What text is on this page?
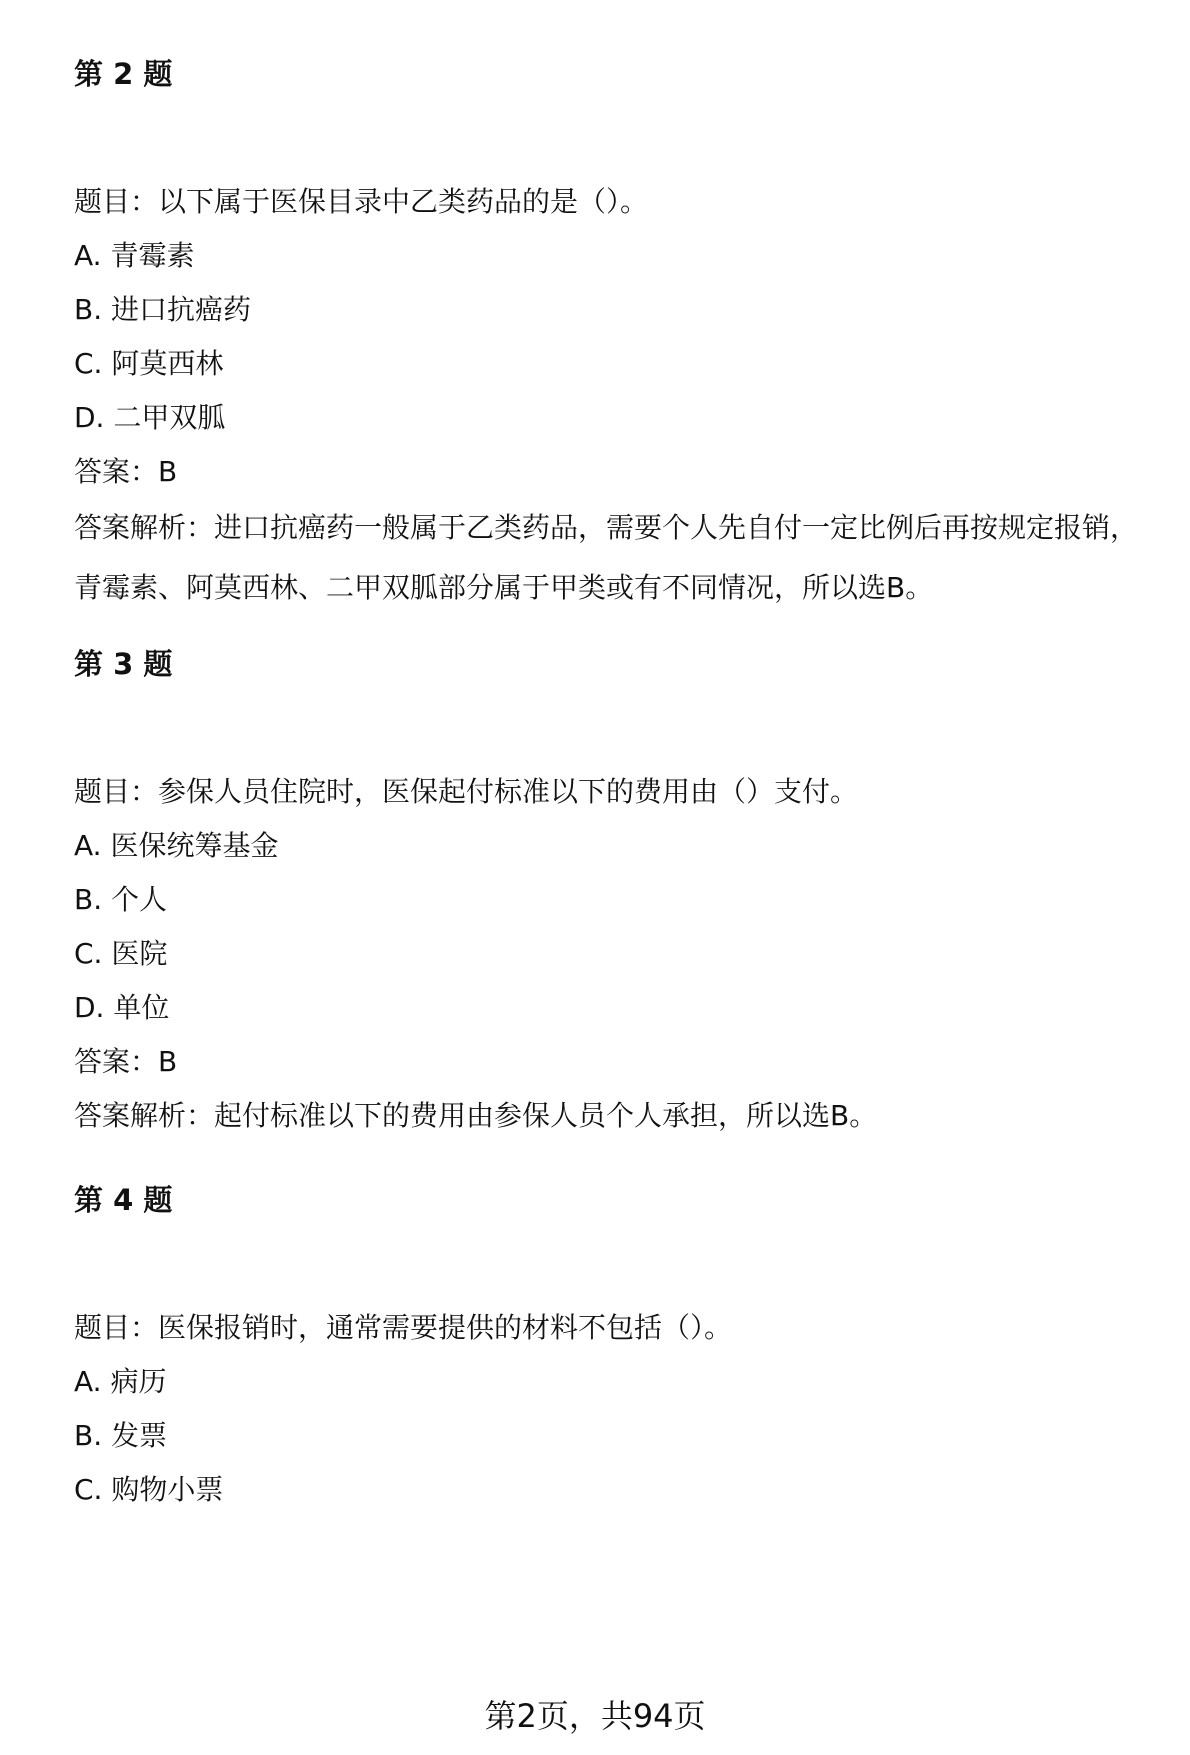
第 2 题
题目：以下属于医保目录中乙类药品的是（）。
A. 青霉素
B. 进口抗癌药
C. 阿莫西林
D. 二甲双胍
答案：B
答案解析：进口抗癌药一般属于乙类药品，需要个人先自付一定比例后再按规定报销，青霉素、阿莫西林、二甲双胍部分属于甲类或有不同情况，所以选B。
第 3 题
题目：参保人员住院时，医保起付标准以下的费用由（）支付。
A. 医保统筹基金
B. 个人
C. 医院
D. 单位
答案：B
答案解析：起付标准以下的费用由参保人员个人承担，所以选B。
第 4 题
题目：医保报销时，通常需要提供的材料不包括（）。
A. 病历
B. 发票
C. 购物小票
第2页，共94页
